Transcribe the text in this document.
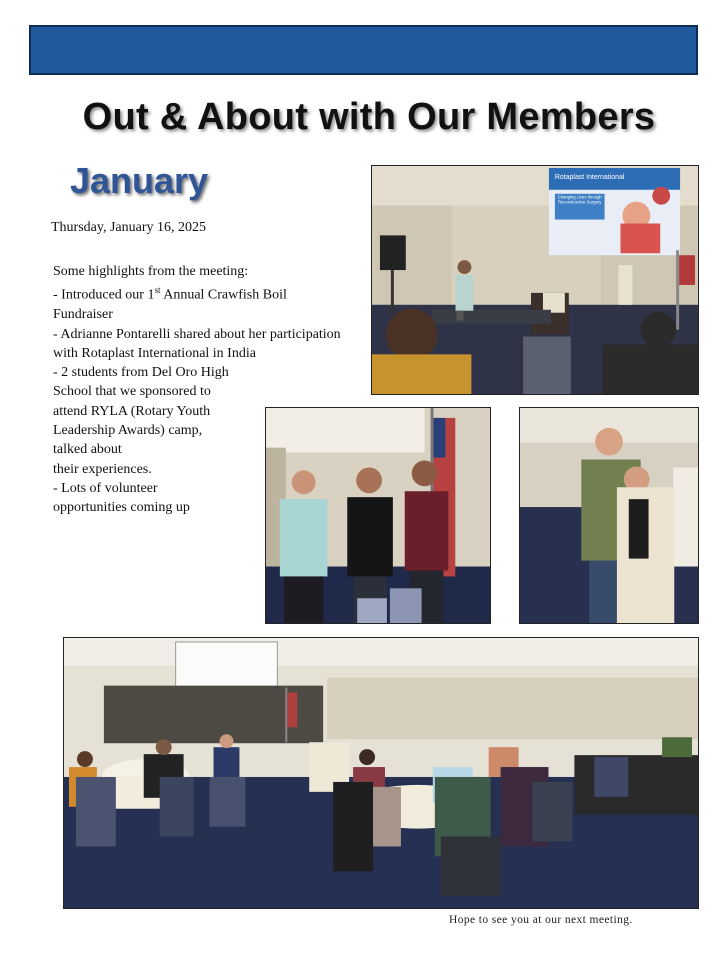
Out & About with Our Members
January
Thursday, January 16, 2025

Some highlights from the meeting:

- Introduced our 1st Annual Crawfish Boil Fundraiser

- Adrianne Pontarelli shared about her participation with Rotaplast International in India

- 2 students from Del Oro High

School that we sponsored to

attend RYLA (Rotary Youth

Leadership Awards) camp,

talked about

their experiences.

- Lots of volunteer

opportunities coming up

Rotaplast International
Changing Lives through Reconstructive Surgery
Hope to see you at our next meeting.
